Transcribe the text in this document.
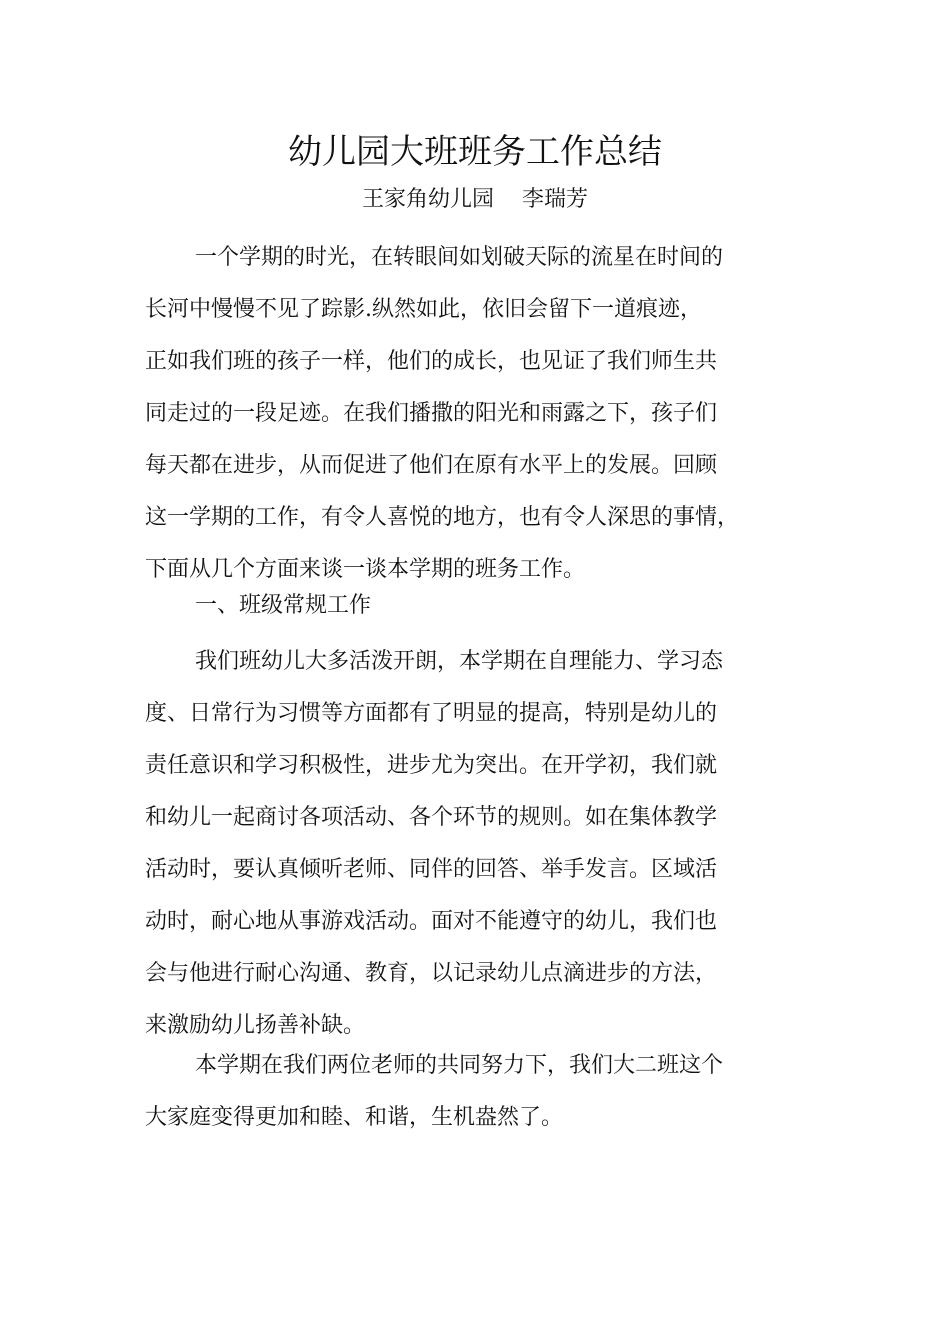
幼儿园大班班务工作总结
王家角幼儿园    李瑞芳
一个学期的时光，在转眼间如划破天际的流星在时间的
长河中慢慢不见了踪影.纵然如此，依旧会留下一道痕迹，
正如我们班的孩子一样，他们的成长，也见证了我们师生共
同走过的一段足迹。在我们播撒的阳光和雨露之下，孩子们
每天都在进步，从而促进了他们在原有水平上的发展。回顾
这一学期的工作，有令人喜悦的地方，也有令人深思的事情，
下面从几个方面来谈一谈本学期的班务工作。
一、班级常规工作
我们班幼儿大多活泼开朗，本学期在自理能力、学习态
度、日常行为习惯等方面都有了明显的提高，特别是幼儿的
责任意识和学习积极性，进步尤为突出。在开学初，我们就
和幼儿一起商讨各项活动、各个环节的规则。如在集体教学
活动时，要认真倾听老师、同伴的回答、举手发言。区域活
动时，耐心地从事游戏活动。面对不能遵守的幼儿，我们也
会与他进行耐心沟通、教育，以记录幼儿点滴进步的方法，
来激励幼儿扬善补缺。
本学期在我们两位老师的共同努力下，我们大二班这个
大家庭变得更加和睦、和谐，生机盎然了。
